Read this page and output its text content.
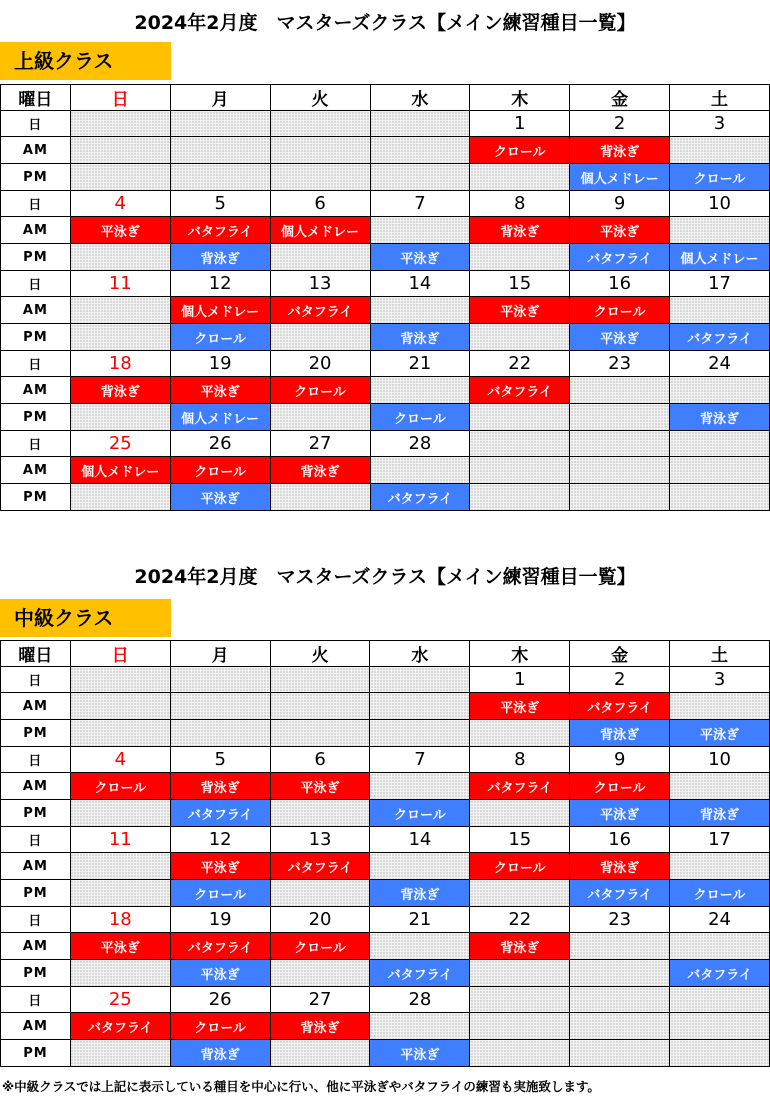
2024年2月度　マスターズクラス【メイン練習種目一覧】
上級クラス
曜日	日	月	火	水	木	金	土
日					1	2	3
AM					クロール	背泳ぎ	
PM						個人メドレー	クロール
日	4	5	6	7	8	9	10
AM	平泳ぎ	バタフライ	個人メドレー		背泳ぎ	平泳ぎ	
PM		背泳ぎ		平泳ぎ		バタフライ	個人メドレー
日	11	12	13	14	15	16	17
AM		個人メドレー	バタフライ		平泳ぎ	クロール	
PM		クロール		背泳ぎ		平泳ぎ	バタフライ
日	18	19	20	21	22	23	24
AM	背泳ぎ	平泳ぎ	クロール		バタフライ		
PM		個人メドレー		クロール			背泳ぎ
日	25	26	27	28			
AM	個人メドレー	クロール	背泳ぎ				
PM		平泳ぎ		バタフライ			
2024年2月度　マスターズクラス【メイン練習種目一覧】
中級クラス
曜日	日	月	火	水	木	金	土
日					1	2	3
AM					平泳ぎ	バタフライ	
PM						背泳ぎ	平泳ぎ
日	4	5	6	7	8	9	10
AM	クロール	背泳ぎ	平泳ぎ		バタフライ	クロール	
PM		バタフライ		クロール		平泳ぎ	背泳ぎ
日	11	12	13	14	15	16	17
AM		平泳ぎ	バタフライ		クロール	背泳ぎ	
PM		クロール		背泳ぎ		バタフライ	クロール
日	18	19	20	21	22	23	24
AM	平泳ぎ	バタフライ	クロール		背泳ぎ		
PM		平泳ぎ		バタフライ			バタフライ
日	25	26	27	28			
AM	バタフライ	クロール	背泳ぎ				
PM		背泳ぎ		平泳ぎ			
※中級クラスでは上記に表示している種目を中心に行い、他に平泳ぎやバタフライの練習も実施致します。
